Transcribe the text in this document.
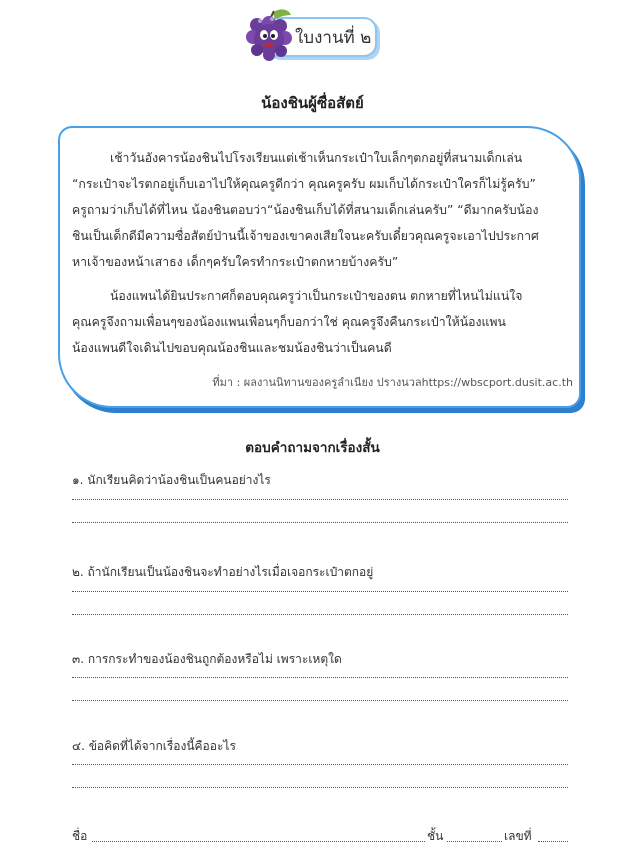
ใบงานที่ ๒
น้องชินผู้ซื่อสัตย์
เช้าวันอังคารน้องชินไปโรงเรียนแต่เช้าเห็นกระเป๋าใบเล็กๆตกอยู่ที่สนามเด็กเล่น
“กระเป๋าจะไรตกอยู่เก็บเอาไปให้คุณครูดีกว่า คุณครูครับ ผมเก็บได้กระเป๋าใครก็ไม่รู้ครับ”
ครูถามว่าเก็บได้ที่ไหน น้องชินตอบว่า“น้องชินเก็บได้ที่สนามเด็กเล่นครับ” “ดีมากครับน้อง
ชินเป็นเด็กดีมีความซื่อสัตย์ป่านนี้เจ้าของเขาคงเสียใจนะครับเดี๋ยวคุณครูจะเอาไปประกาศ
หาเจ้าของหน้าเสาธง เด็กๆครับใครทำกระเป๋าตกหายบ้างครับ”
น้องแพนได้ยินประกาศก็ตอบคุณครูว่าเป็นกระเป๋าของตน ตกหายที่ไหนไม่แน่ใจ
คุณครูจึงถามเพื่อนๆของน้องแพนเพื่อนๆก็บอกว่าใช่ คุณครูจึงคืนกระเป๋าให้น้องแพน
น้องแพนดีใจเดินไปขอบคุณน้องชินและชมน้องชินว่าเป็นคนดี
ที่มา : ผลงานนิทานของครูลำเนียง ปรางนวลhttps://wbscport.dusit.ac.th
ตอบคำถามจากเรื่องสั้น
๑. นักเรียนคิดว่าน้องชินเป็นคนอย่างไร
๒. ถ้านักเรียนเป็นน้องชินจะทำอย่างไรเมื่อเจอกระเป๋าตกอยู่
๓. การกระทำของน้องชินถูกต้องหรือไม่ เพราะเหตุใด
๔. ข้อคิดที่ได้จากเรื่องนี้คืออะไร
ชื่อ	ชั้น	เลขที่
